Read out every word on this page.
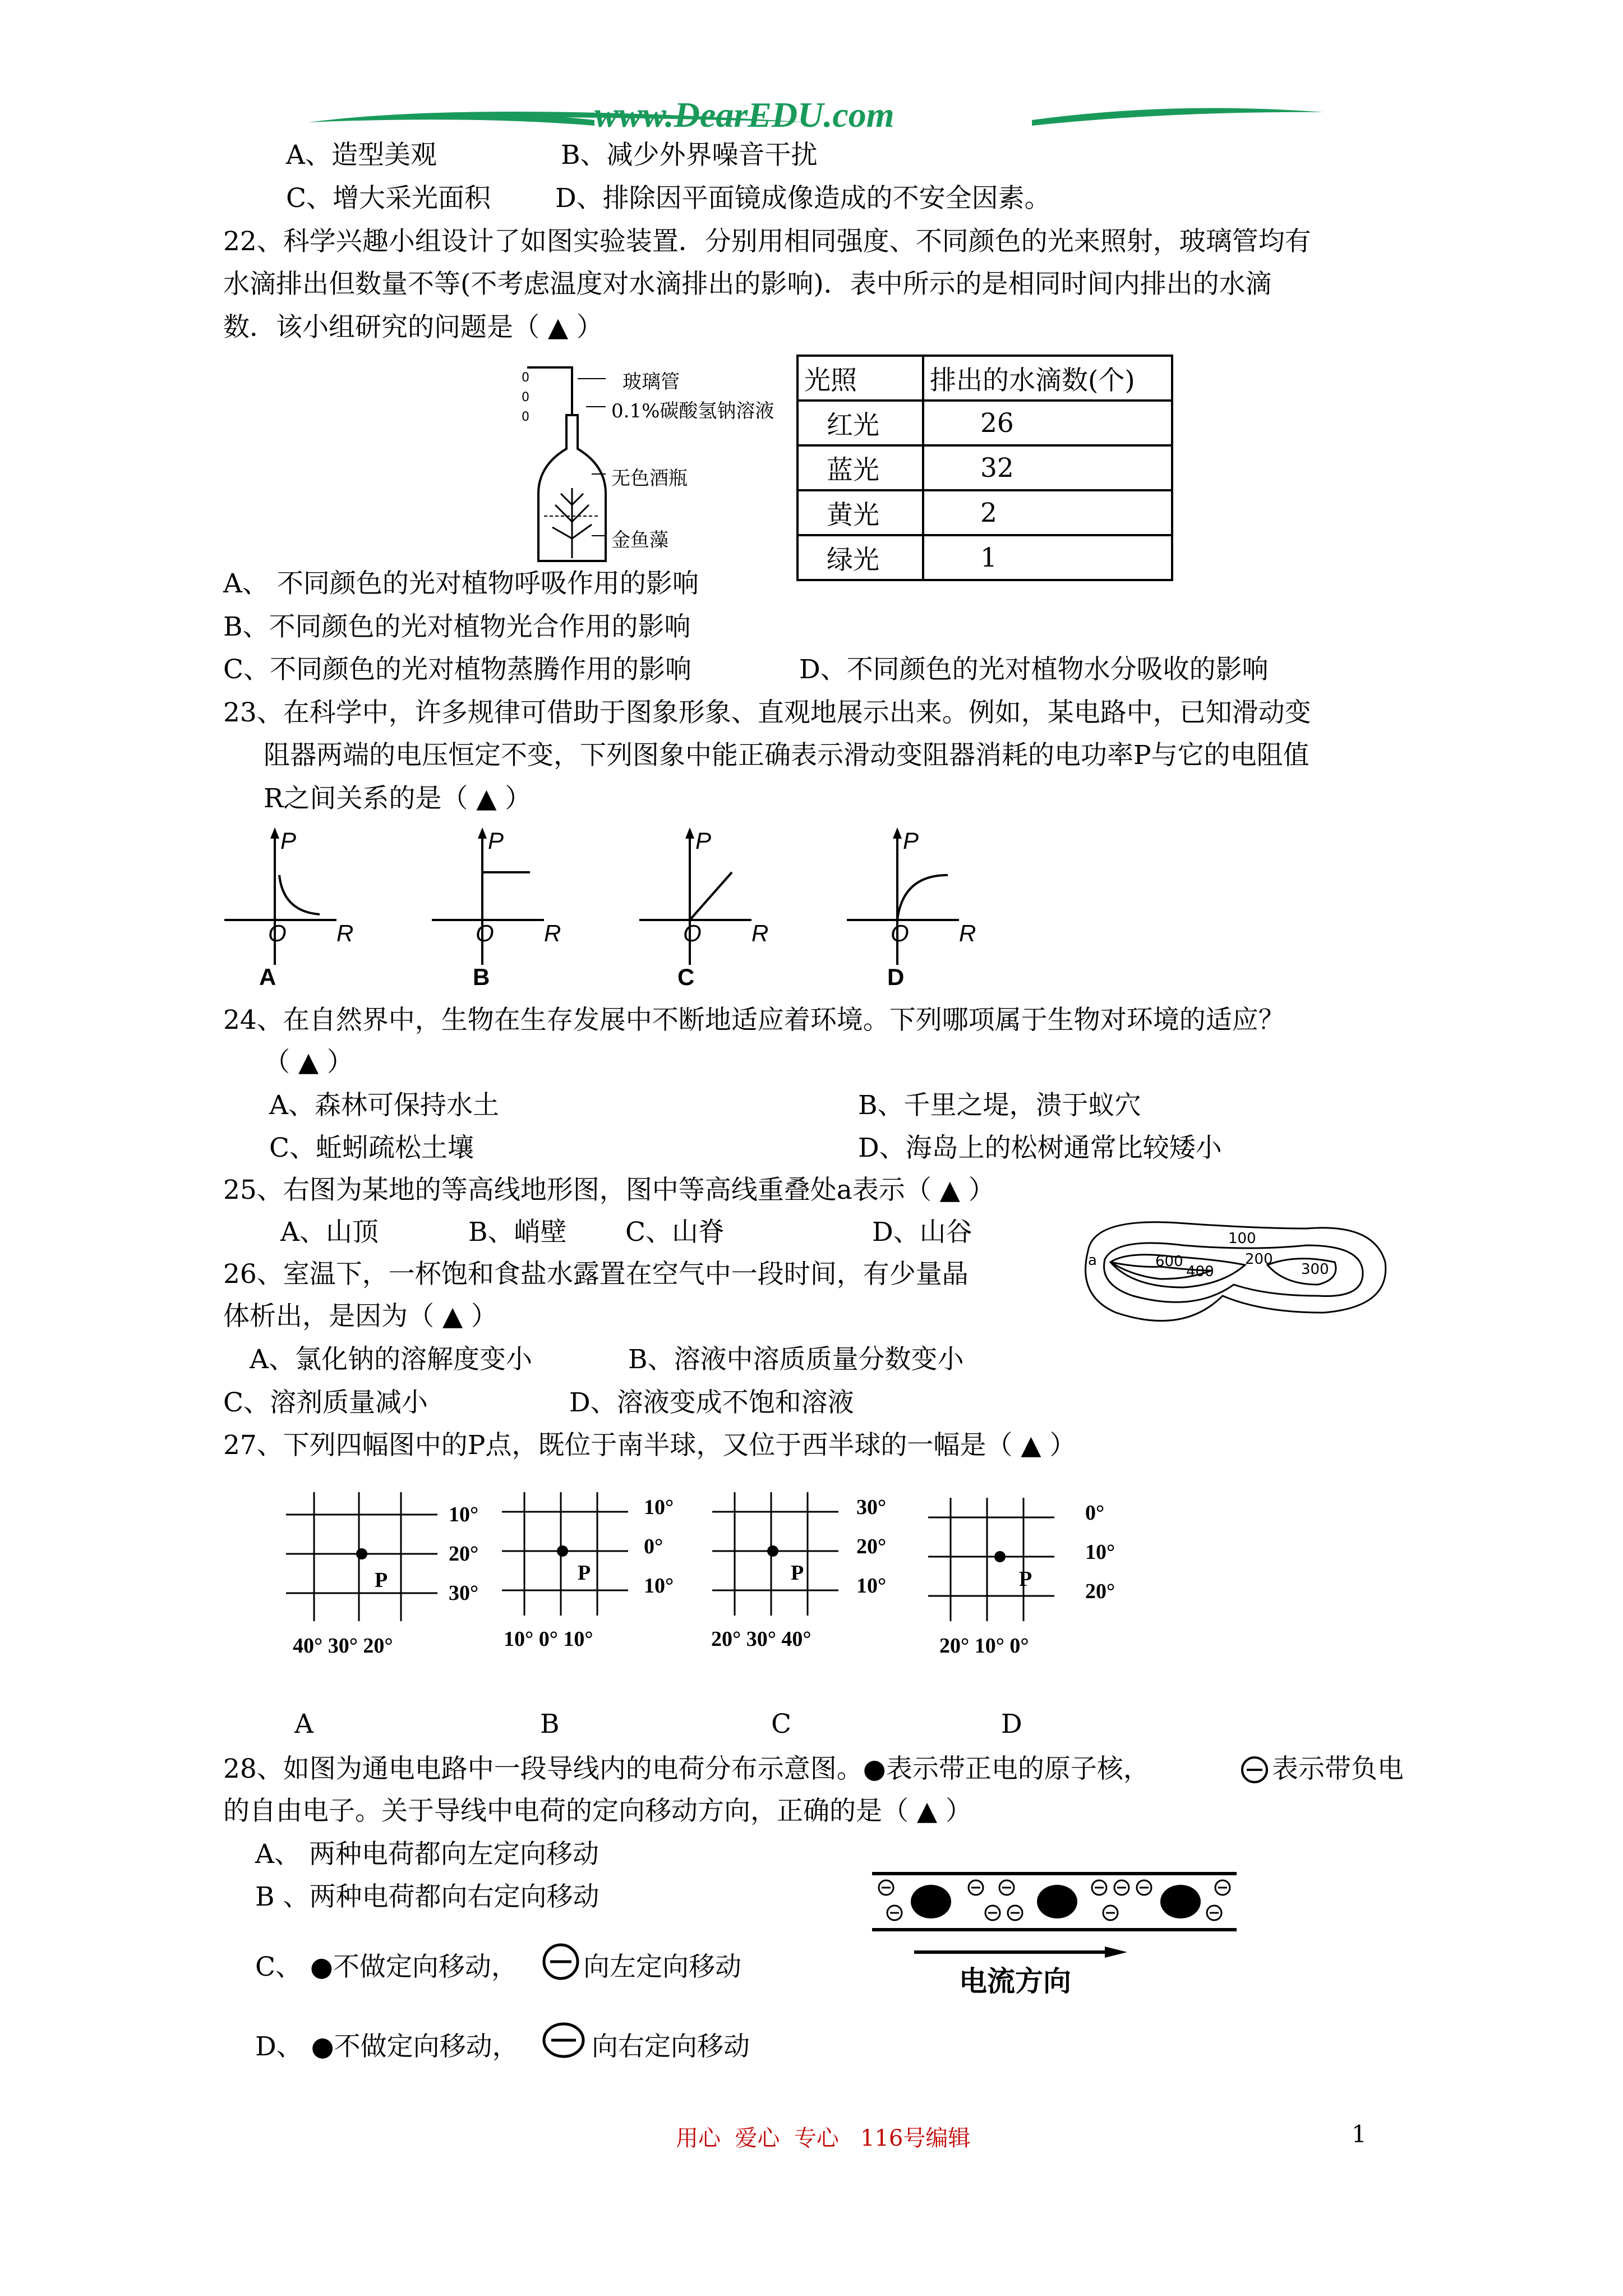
www.DearEDU.com
A、造型美观	B、减少外界噪音干扰
C、增大采光面积 D、排除因平面镜成像造成的不安全因素。
22、科学兴趣小组设计了如图实验装置．分别用相同强度、不同颜色的光来照射，玻璃管均有
水滴排出但数量不等(不考虑温度对水滴排出的影响)．表中所示的是相同时间内排出的水滴
数．该小组研究的问题是（ ▲ ）
0
0
0
玻璃管
0.1%碳酸氢钠溶液
无色酒瓶
金鱼藻
光照	排出的水滴数(个)
红光	26
蓝光	32
黄光	2
绿光	1
A、 不同颜色的光对植物呼吸作用的影响
B、不同颜色的光对植物光合作用的影响
C、不同颜色的光对植物蒸腾作用的影响	D、不同颜色的光对植物水分吸收的影响
23、在科学中，许多规律可借助于图象形象、直观地展示出来。例如，某电路中，已知滑动变
阻器两端的电压恒定不变，下列图象中能正确表示滑动变阻器消耗的电功率P与它的电阻值
R之间关系的是（ ▲ ）
P
O R
A
P
O R
B
P
O R
C
P
O R
D
24、在自然界中，生物在生存发展中不断地适应着环境。下列哪项属于生物对环境的适应？
（ ▲ ）
A、森林可保持水土	B、千里之堤，溃于蚁穴
C、蚯蚓疏松土壤	D、海岛上的松树通常比较矮小
25、右图为某地的等高线地形图，图中等高线重叠处a表示（ ▲ ）
A、山顶	B、峭壁 C、山脊	D、山谷
a
100
200
300
400
600
26、室温下，一杯饱和食盐水露置在空气中一段时间，有少量晶
体析出，是因为（ ▲ ）
A、氯化钠的溶解度变小	B、溶液中溶质质量分数变小
C、溶剂质量减小	D、溶液变成不饱和溶液
27、下列四幅图中的P点，既位于南半球，又位于西半球的一幅是（ ▲ ）
P
10°
20°
30°
40° 30° 20°
A
P
10°
0°
10°
10° 0° 10°
B
P
30°
20°
10°
20° 30° 40°
C
P
0°
10°
20°
20° 10° 0°
D
28、如图为通电电路中一段导线内的电荷分布示意图。●表示带正电的原子核，	表示带负电
的自由电子。关于导线中电荷的定向移动方向，正确的是（ ▲ ）
A、 两种电荷都向左定向移动
B 、两种电荷都向右定向移动
C、 ●不做定向移动， 向左定向移动
D、 ●不做定向移动，	向右定向移动
电流方向
用心  爱心  专心   116号编辑	1
